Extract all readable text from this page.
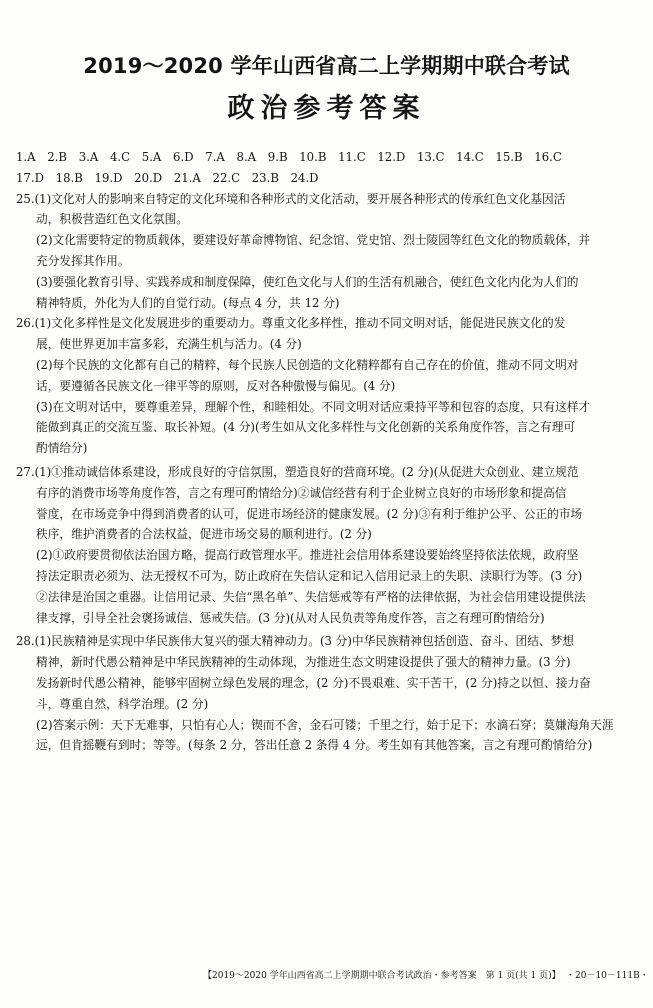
2019～2020 学年山西省高二上学期期中联合考试
政治参考答案
1.A　2.B　3.A　4.C　5.A　6.D　7.A　8.A　9.B　10.B　11.C　12.D　13.C　14.C　15.B　16.C
17.D　18.B　19.D　20.D　21.A　22.C　23.B　24.D
25.(1)文化对人的影响来自特定的文化环境和各种形式的文化活动，要开展各种形式的传承红色文化基因活
动，积极营造红色文化氛围。
(2)文化需要特定的物质载体，要建设好革命博物馆、纪念馆、党史馆、烈士陵园等红色文化的物质载体，并
充分发挥其作用。
(3)要强化教育引导、实践养成和制度保障，使红色文化与人们的生活有机融合，使红色文化内化为人们的
精神特质，外化为人们的自觉行动。(每点 4 分，共 12 分)
26.(1)文化多样性是文化发展进步的重要动力。尊重文化多样性，推动不同文明对话，能促进民族文化的发
展，使世界更加丰富多彩，充满生机与活力。(4 分)
(2)每个民族的文化都有自己的精粹，每个民族人民创造的文化精粹都有自己存在的价值，推动不同文明对
话，要遵循各民族文化一律平等的原则，反对各种傲慢与偏见。(4 分)
(3)在文明对话中，要尊重差异，理解个性，和睦相处。不同文明对话应秉持平等和包容的态度，只有这样才
能做到真正的交流互鉴、取长补短。(4 分)(考生如从文化多样性与文化创新的关系角度作答，言之有理可
酌情给分)
27.(1)①推动诚信体系建设，形成良好的守信氛围，塑造良好的营商环境。(2 分)(从促进大众创业、建立规范
有序的消费市场等角度作答，言之有理可酌情给分)②诚信经营有利于企业树立良好的市场形象和提高信
誉度，在市场竞争中得到消费者的认可，促进市场经济的健康发展。(2 分)③有利于维护公平、公正的市场
秩序，维护消费者的合法权益，促进市场交易的顺利进行。(2 分)
(2)①政府要贯彻依法治国方略，提高行政管理水平。推进社会信用体系建设要始终坚持依法依规，政府坚
持法定职责必须为、法无授权不可为，防止政府在失信认定和记入信用记录上的失职、渎职行为等。(3 分)
②法律是治国之重器。让信用记录、失信“黑名单”、失信惩戒等有严格的法律依据，为社会信用建设提供法
律支撑，引导全社会褒扬诚信、惩戒失信。(3 分)(从对人民负责等角度作答，言之有理可酌情给分)
28.(1)民族精神是实现中华民族伟大复兴的强大精神动力。(3 分)中华民族精神包括创造、奋斗、团结、梦想
精神，新时代愚公精神是中华民族精神的生动体现，为推进生态文明建设提供了强大的精神力量。(3 分)
发扬新时代愚公精神，能够牢固树立绿色发展的理念，(2 分)不畏艰难、实干苦干，(2 分)持之以恒、接力奋
斗，尊重自然，科学治理。(2 分)
(2)答案示例：天下无难事，只怕有心人；锲而不舍，金石可镂；千里之行，始于足下；水滴石穿；莫嫌海角天涯
远，但肯摇鞭有到时；等等。(每条 2 分，答出任意 2 条得 4 分。考生如有其他答案，言之有理可酌情给分)
【2019～2020 学年山西省高二上学期期中联合考试政治・参考答案　第 1 页(共 1 页)】 ・20－10－111B・
